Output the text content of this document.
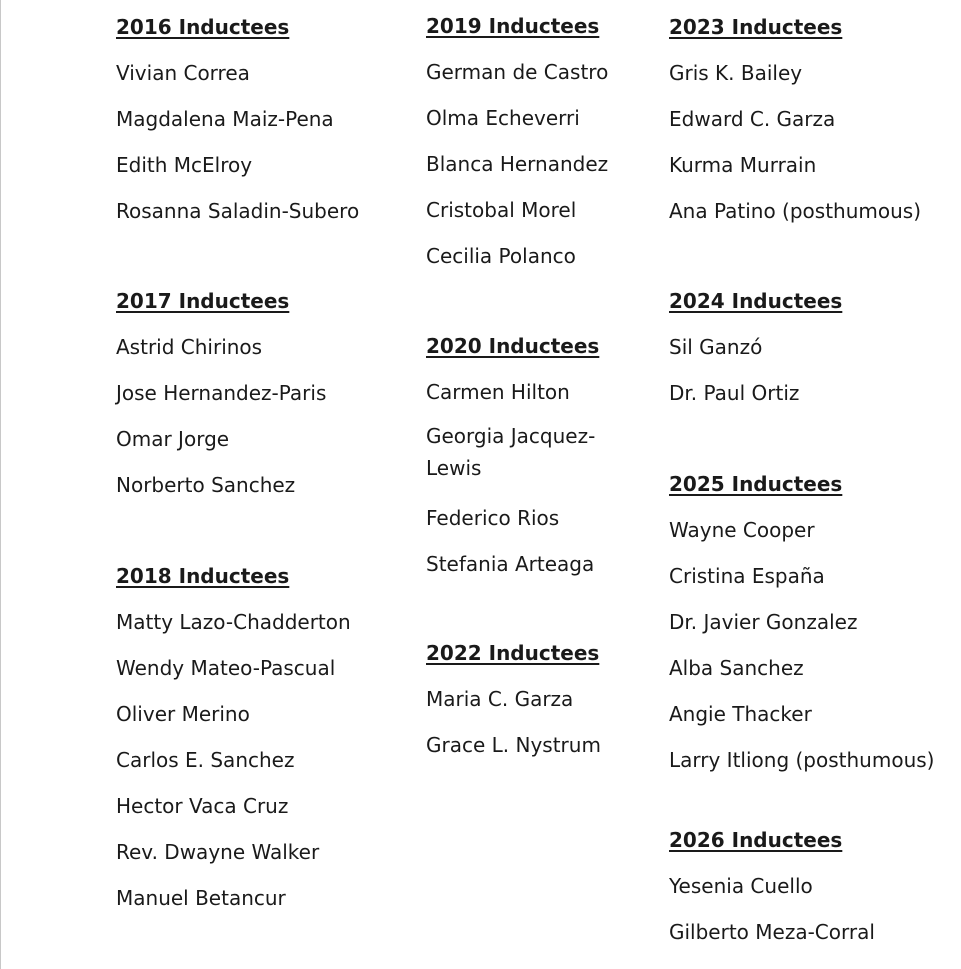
2016 Inductees
Vivian Correa
Magdalena Maiz-Pena
Edith McElroy
Rosanna Saladin-Subero
2017 Inductees
Astrid Chirinos
Jose Hernandez-Paris
Omar Jorge
Norberto Sanchez
2018 Inductees
Matty Lazo-Chadderton
Wendy Mateo-Pascual
Oliver Merino
Carlos E. Sanchez
Hector Vaca Cruz
Rev. Dwayne Walker
Manuel Betancur
2019 Inductees
German de Castro
Olma Echeverri
Blanca Hernandez
Cristobal Morel
Cecilia Polanco
2020 Inductees
Carmen Hilton
Georgia Jacquez-Lewis
Federico Rios
Stefania Arteaga
2022 Inductees
Maria C. Garza
Grace L. Nystrum
2023 Inductees
Gris K. Bailey
Edward C. Garza
Kurma Murrain
Ana Patino (posthumous)
2024 Inductees
Sil Ganzó
Dr. Paul Ortiz
2025 Inductees
Wayne Cooper
Cristina España
Dr. Javier Gonzalez
Alba Sanchez
Angie Thacker
Larry Itliong (posthumous)
2026 Inductees
Yesenia Cuello
Gilberto Meza-Corral
